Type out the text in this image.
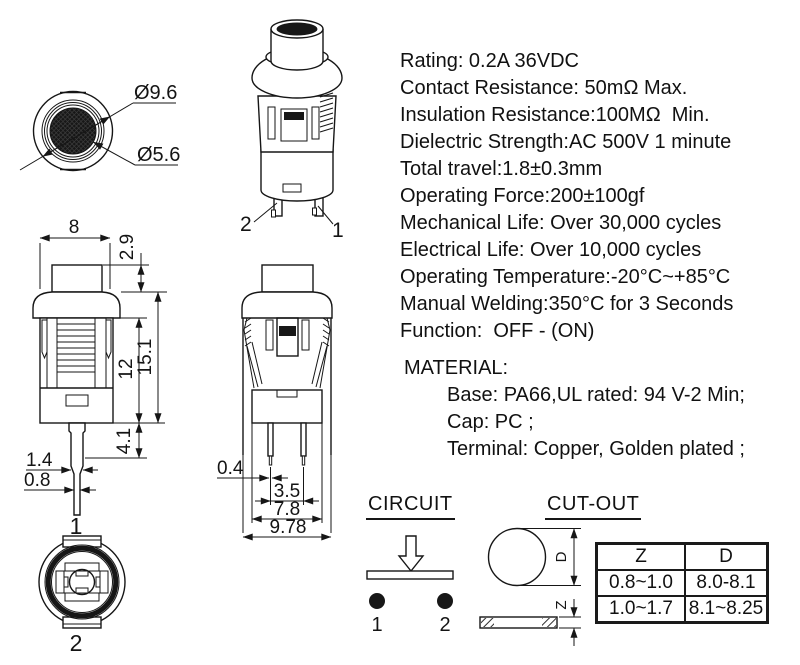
Ø9.6
Ø5.6
2	1
8
2.9
15.1
12
4.1
1.4
0.8
0.4
3.5
7.8
9.78
1
2
1	2
D
Z
Rating: 0.2A 36VDC
Contact Resistance: 50mΩ Max.
Insulation Resistance:100MΩ  Min.
Dielectric Strength:AC 500V 1 minute
Total travel:1.8±0.3mm
Operating Force:200±100gf
Mechanical Life: Over 30,000 cycles
Electrical Life: Over 10,000 cycles
Operating Temperature:-20°C~+85°C
Manual Welding:350°C for 3 Seconds
Function:  OFF - (ON)
MATERIAL:
Base: PA66,UL rated: 94 V-2 Min;
Cap: PC ;
Terminal: Copper, Golden plated ;
CIRCUIT	CUT-OUT
Z	D
0.8~1.0	8.0-8.1
1.0~1.7 8.1~8.25
